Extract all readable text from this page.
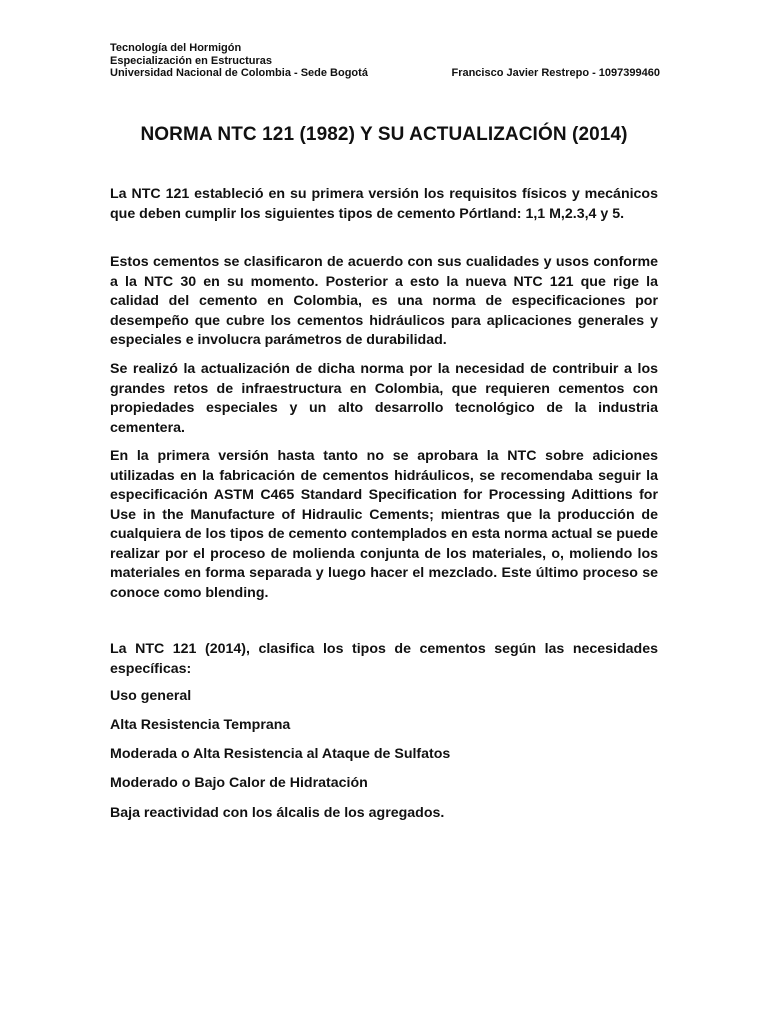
Tecnología del Hormigón
Especialización en Estructuras
Universidad Nacional de Colombia - Sede Bogotá	Francisco Javier Restrepo - 1097399460
NORMA NTC 121 (1982) Y SU ACTUALIZACIÓN (2014)

La NTC 121 estableció en su primera versión los requisitos físicos y mecánicos que deben cumplir los siguientes tipos de cemento Pórtland: 1,1 M,2.3,4 y 5.

Estos cementos se clasificaron de acuerdo con sus cualidades y usos conforme a la NTC 30 en su momento. Posterior a esto la nueva NTC 121 que rige la calidad del cemento en Colombia, es una norma de especificaciones por desempeño que cubre los cementos hidráulicos para aplicaciones generales y especiales e involucra parámetros de durabilidad.

Se realizó la actualización de dicha norma por la necesidad de contribuir a los grandes retos de infraestructura en Colombia, que requieren cementos con propiedades especiales y un alto desarrollo tecnológico de la industria cementera.

En la primera versión hasta tanto no se aprobara la NTC sobre adiciones utilizadas en la fabricación de cementos hidráulicos, se recomendaba seguir la especificación ASTM C465 Standard Specification for Processing Adittions for Use in the Manufacture of Hidraulic Cements; mientras que la producción de cualquiera de los tipos de cemento contemplados en esta norma actual se puede realizar por el proceso de molienda conjunta de los materiales, o, moliendo los materiales en forma separada y luego hacer el mezclado. Este último proceso se conoce como blending.

La NTC 121 (2014), clasifica los tipos de cementos según las necesidades específicas:

Uso general
Alta Resistencia Temprana
Moderada o Alta Resistencia al Ataque de Sulfatos
Moderado o Bajo Calor de Hidratación
Baja reactividad con los álcalis de los agregados.
